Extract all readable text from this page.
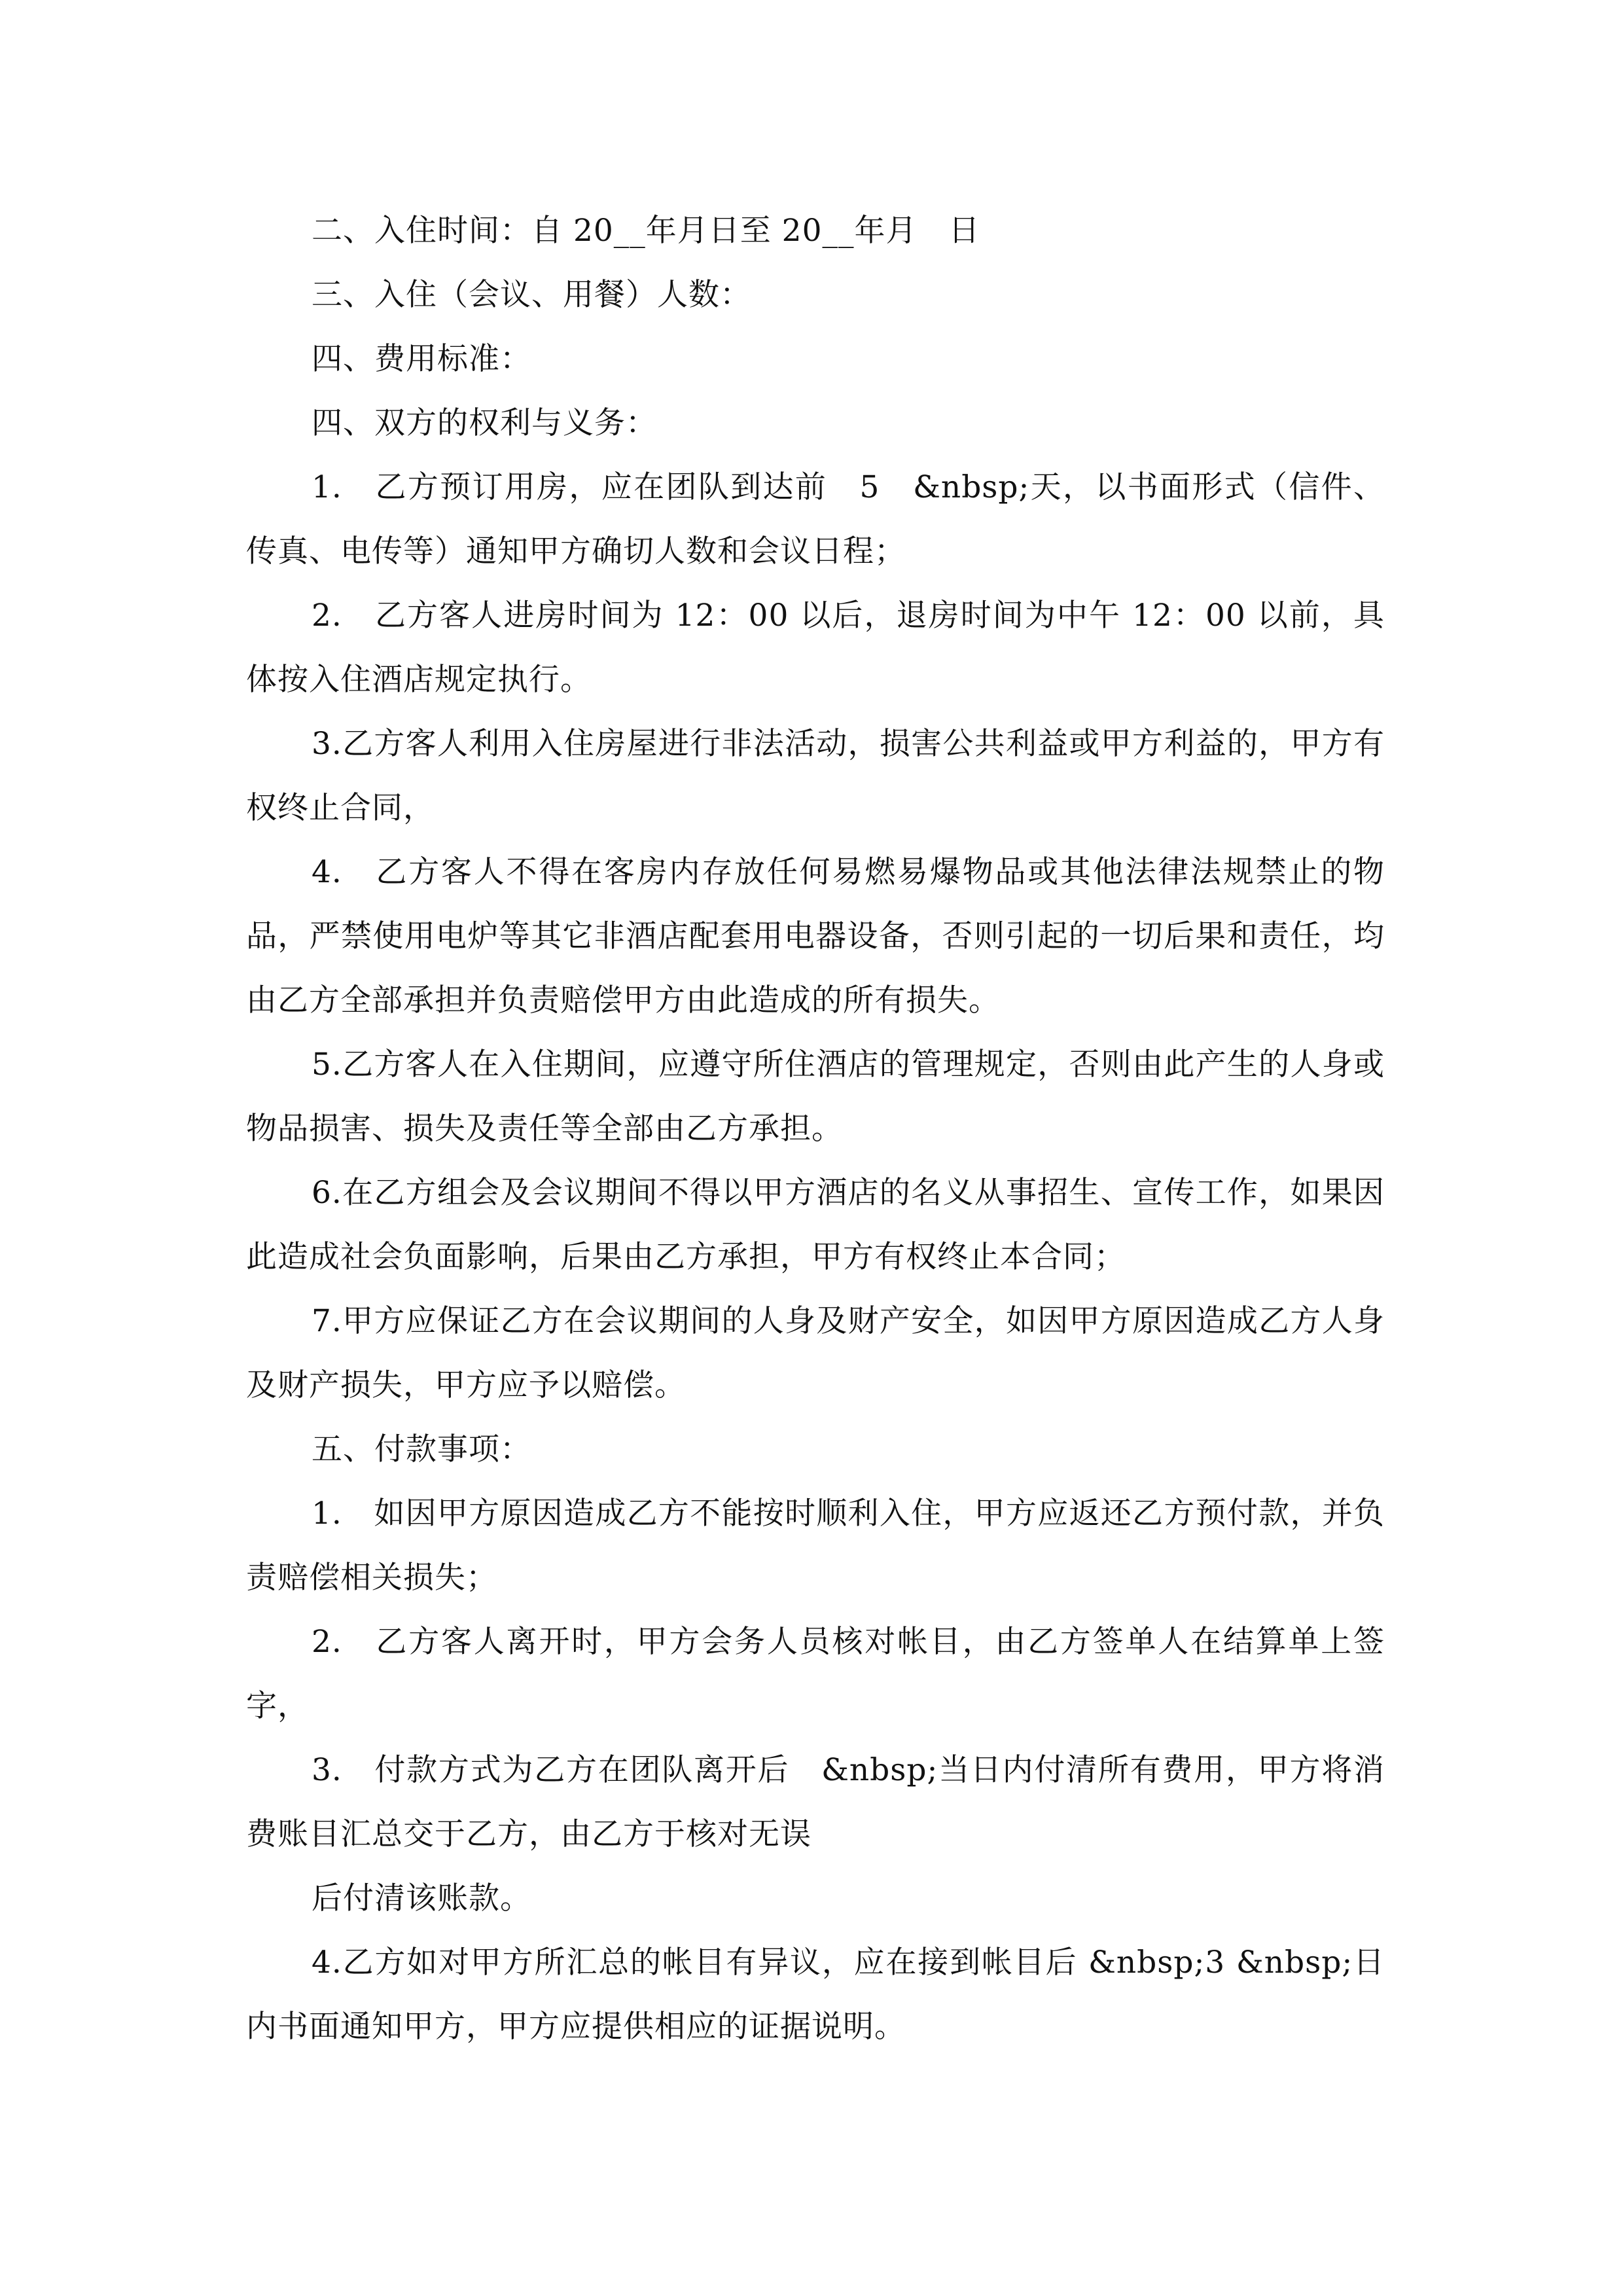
二、入住时间：自 20__年月日至 20__年月　日

三、入住（会议、用餐）人数：

四、费用标准：

四、双方的权利与义务：

1.　乙方预订用房，应在团队到达前　5　&nbsp;天，以书面形式（信件、传真、电传等）通知甲方确切人数和会议日程；

2.　乙方客人进房时间为 12：00 以后，退房时间为中午 12：00 以前，具体按入住酒店规定执行。

3.乙方客人利用入住房屋进行非法活动，损害公共利益或甲方利益的，甲方有权终止合同，

4.　乙方客人不得在客房内存放任何易燃易爆物品或其他法律法规禁止的物品，严禁使用电炉等其它非酒店配套用电器设备，否则引起的一切后果和责任，均由乙方全部承担并负责赔偿甲方由此造成的所有损失。

5.乙方客人在入住期间，应遵守所住酒店的管理规定，否则由此产生的人身或物品损害、损失及责任等全部由乙方承担。

6.在乙方组会及会议期间不得以甲方酒店的名义从事招生、宣传工作，如果因此造成社会负面影响，后果由乙方承担，甲方有权终止本合同；

7.甲方应保证乙方在会议期间的人身及财产安全，如因甲方原因造成乙方人身及财产损失，甲方应予以赔偿。

五、付款事项：

1.　如因甲方原因造成乙方不能按时顺利入住，甲方应返还乙方预付款，并负责赔偿相关损失；

2.　乙方客人离开时，甲方会务人员核对帐目，由乙方签单人在结算单上签字，

3.　付款方式为乙方在团队离开后　&nbsp;当日内付清所有费用，甲方将消费账目汇总交于乙方，由乙方于核对无误

后付清该账款。

4.乙方如对甲方所汇总的帐目有异议，应在接到帐目后 &nbsp;3 &nbsp;日内书面通知甲方，甲方应提供相应的证据说明。
